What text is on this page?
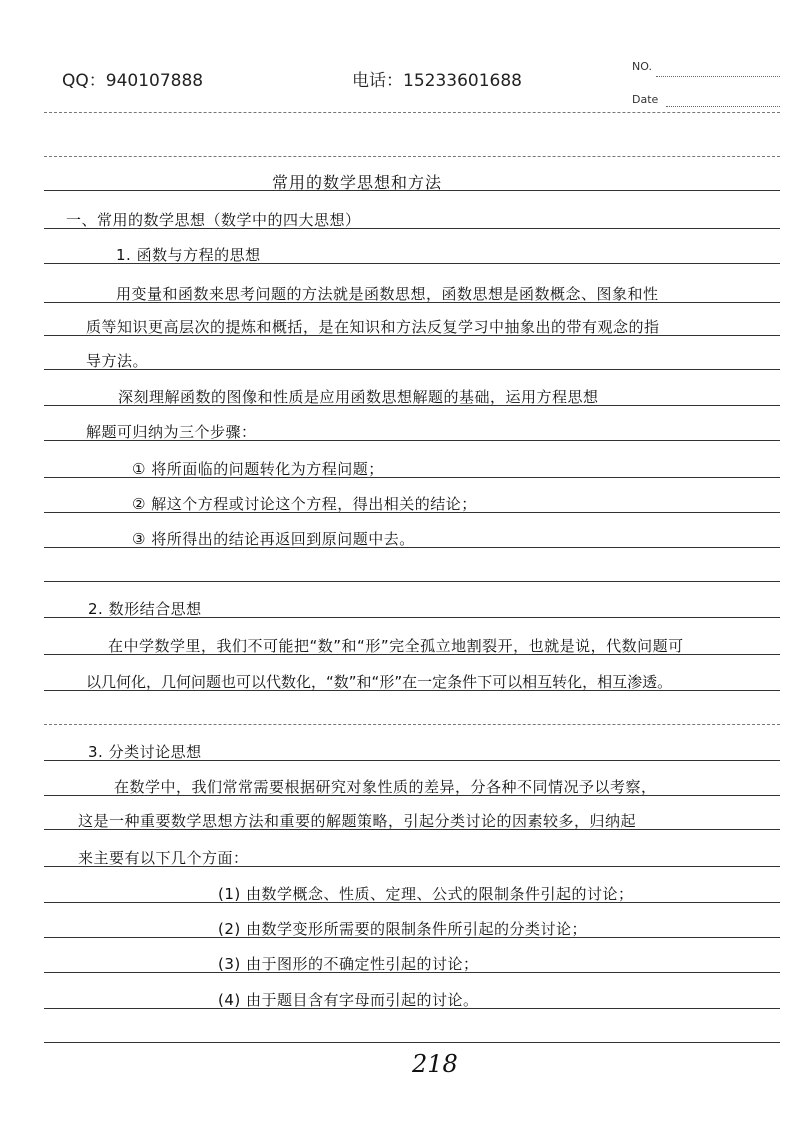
QQ：940107888	电话：15233601688
NO.
Date
常用的数学思想和方法
一、常用的数学思想（数学中的四大思想）
1. 函数与方程的思想
用变量和函数来思考问题的方法就是函数思想，函数思想是函数概念、图象和性
质等知识更高层次的提炼和概括，是在知识和方法反复学习中抽象出的带有观念的指
导方法。
深刻理解函数的图像和性质是应用函数思想解题的基础，运用方程思想
解题可归纳为三个步骤：
① 将所面临的问题转化为方程问题；
② 解这个方程或讨论这个方程，得出相关的结论；
③ 将所得出的结论再返回到原问题中去。
2. 数形结合思想
在中学数学里，我们不可能把“数”和“形”完全孤立地割裂开，也就是说，代数问题可
以几何化，几何问题也可以代数化，“数”和“形”在一定条件下可以相互转化，相互渗透。
3. 分类讨论思想
在数学中，我们常常需要根据研究对象性质的差异，分各种不同情况予以考察，
这是一种重要数学思想方法和重要的解题策略，引起分类讨论的因素较多，归纳起
来主要有以下几个方面：
(1) 由数学概念、性质、定理、公式的限制条件引起的讨论；
(2) 由数学变形所需要的限制条件所引起的分类讨论；
(3) 由于图形的不确定性引起的讨论；
(4) 由于题目含有字母而引起的讨论。
218
